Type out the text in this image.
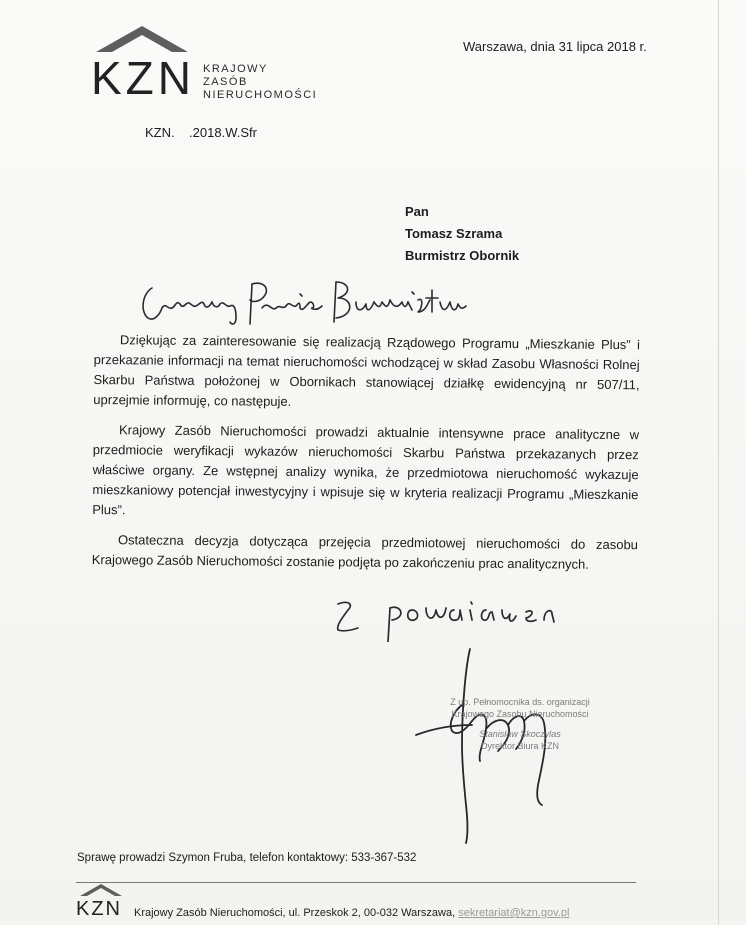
KZN KRAJOWY
ZASÓB
NIERUCHOMOŚCI
Warszawa, dnia 31 lipca 2018 r.
KZN.    .2018.W.Sfr
Pan
Tomasz Szrama
Burmistrz Obornik

Dziękując za zainteresowanie się realizacją Rządowego Programu „Mieszkanie Plus” i przekazanie informacji na temat nieruchomości wchodzącej w skład Zasobu Własności Rolnej Skarbu Państwa położonej w Obornikach stanowiącej działkę ewidencyjną nr 507/11, uprzejmie informuję, co następuje.

Krajowy Zasób Nieruchomości prowadzi aktualnie intensywne prace analityczne w przedmiocie weryfikacji wykazów nieruchomości Skarbu Państwa przekazanych przez właściwe organy. Ze wstępnej analizy wynika, że przedmiotowa nieruchomość wykazuje mieszkaniowy potencjał inwestycyjny i wpisuje się w kryteria realizacji Programu „Mieszkanie Plus”.

Ostateczna decyzja dotycząca przejęcia przedmiotowej nieruchomości do zasobu Krajowego Zasób Nieruchomości zostanie podjęta po zakończeniu prac analitycznych.

Z up. Pełnomocnika ds. organizacji
Krajowego Zasobu Nieruchomości
Stanisław Skoczylas
Dyrektor Biura KZN
Sprawę prowadzi Szymon Fruba, telefon kontaktowy: 533-367-532
KZN Krajowy Zasób Nieruchomości, ul. Przeskok 2, 00-032 Warszawa, sekretariat@kzn.gov.pl
